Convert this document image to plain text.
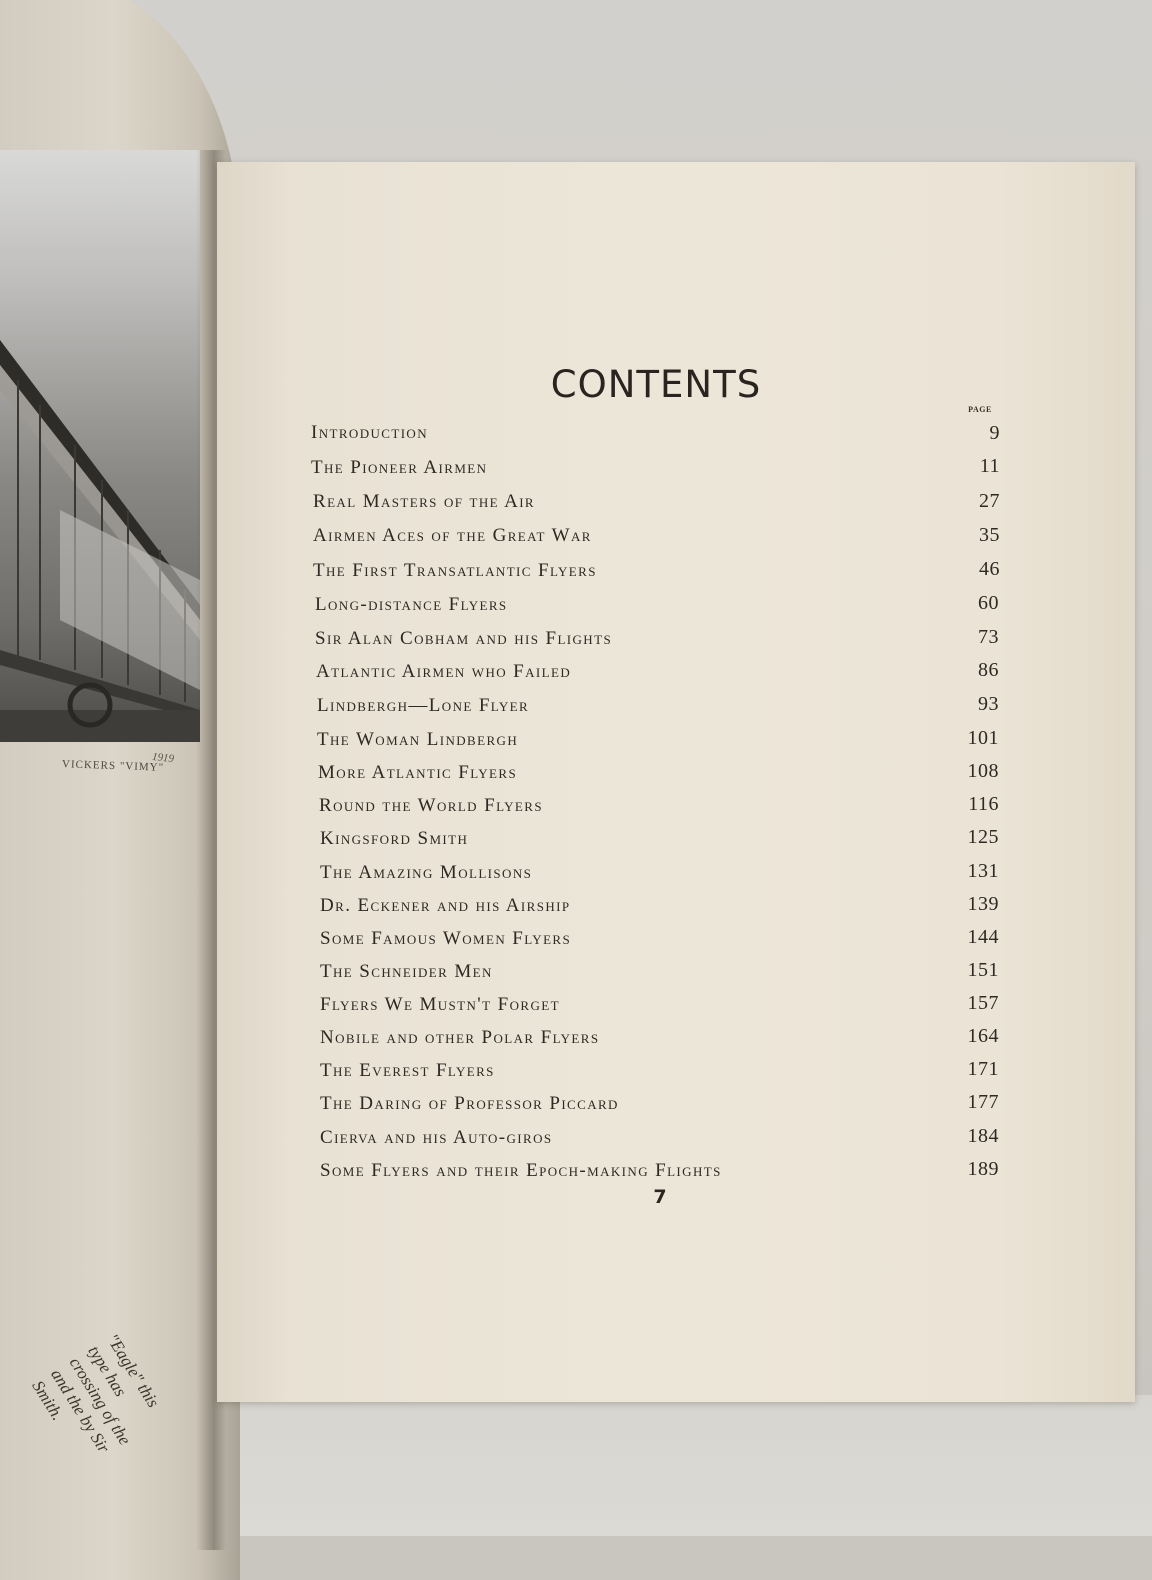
VICKERS "VIMY"
1919
"Eagle" this type has crossing of the and the by Sir Smith.
CONTENTS
PAGE
Introduction	9
The Pioneer Airmen	11
Real Masters of the Air	27
Airmen Aces of the Great War	35
The First Transatlantic Flyers	46
Long-distance Flyers	60
Sir Alan Cobham and his Flights	73
Atlantic Airmen who Failed	86
Lindbergh—Lone Flyer	93
The Woman Lindbergh	101
More Atlantic Flyers	108
Round the World Flyers	116
Kingsford Smith	125
The Amazing Mollisons	131
Dr. Eckener and his Airship	139
Some Famous Women Flyers	144
The Schneider Men	151
Flyers We Mustn't Forget	157
Nobile and other Polar Flyers	164
The Everest Flyers	171
The Daring of Professor Piccard	177
Cierva and his Auto-giros	184
Some Flyers and their Epoch-making Flights	189
7
